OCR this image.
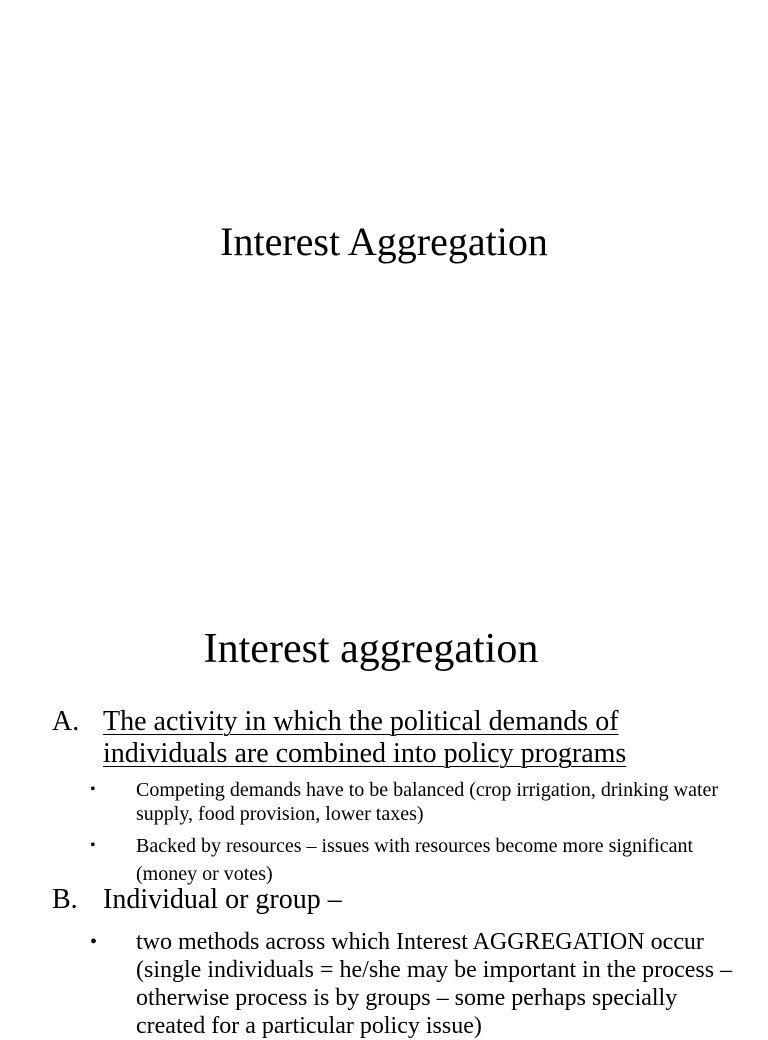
Interest Aggregation
Interest aggregation
A. The activity in which the political demands of individuals are combined into policy programs
• Competing demands have to be balanced (crop irrigation, drinking water supply, food provision, lower taxes)
• Backed by resources – issues with resources become more significant (money or votes)
B. Individual or group –
• two methods across which Interest AGGREGATION occur (single individuals = he/she may be important in the process – otherwise process is by groups – some perhaps specially created for a particular policy issue)
